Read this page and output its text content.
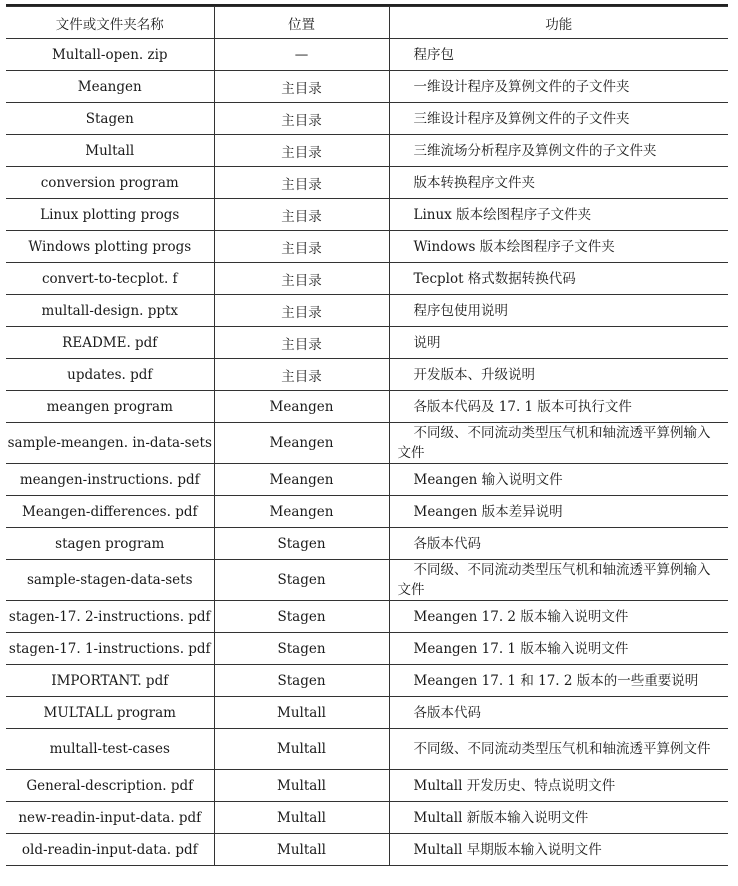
文件或文件夹名称	位置	功能
Multall-open. zip	—	程序包
Meangen	主目录	一维设计程序及算例文件的子文件夹
Stagen	主目录	三维设计程序及算例文件的子文件夹
Multall	主目录	三维流场分析程序及算例文件的子文件夹
conversion program	主目录	版本转换程序文件夹
Linux plotting progs	主目录	Linux 版本绘图程序子文件夹
Windows plotting progs	主目录	Windows 版本绘图程序子文件夹
convert-to-tecplot. f	主目录	Tecplot 格式数据转换代码
multall-design. pptx	主目录	程序包使用说明
README. pdf	主目录	说明
updates. pdf	主目录	开发版本、升级说明
meangen program	Meangen	各版本代码及 17. 1 版本可执行文件
sample-meangen. in-data-sets	Meangen	不同级、不同流动类型压气机和轴流透平算例输入文件

meangen-instructions. pdf	Meangen	Meangen 输入说明文件
Meangen-differences. pdf	Meangen	Meangen 版本差异说明
stagen program	Stagen	各版本代码
sample-stagen-data-sets	Stagen	不同级、不同流动类型压气机和轴流透平算例输入文件

stagen-17. 2-instructions. pdf	Stagen	Meangen 17. 2 版本输入说明文件
stagen-17. 1-instructions. pdf	Stagen	Meangen 17. 1 版本输入说明文件
IMPORTANT. pdf	Stagen	Meangen 17. 1 和 17. 2 版本的一些重要说明
MULTALL program	Multall	各版本代码
multall-test-cases	Multall	不同级、不同流动类型压气机和轴流透平算例文件

General-description. pdf	Multall	Multall 开发历史、特点说明文件
new-readin-input-data. pdf	Multall	Multall 新版本输入说明文件
old-readin-input-data. pdf	Multall	Multall 早期版本输入说明文件
